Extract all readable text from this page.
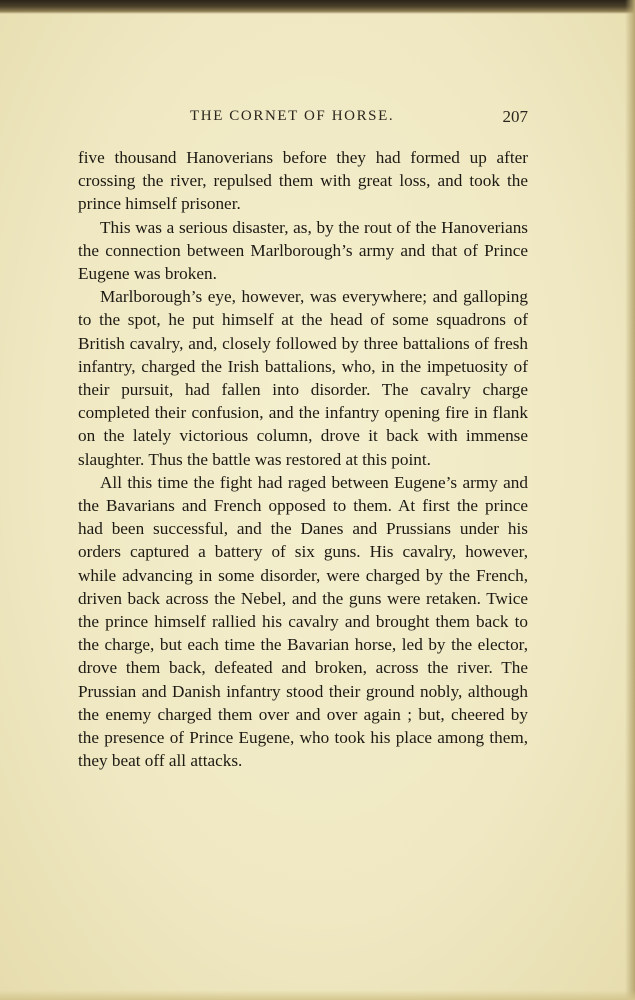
THE CORNET OF HORSE.	207

five thousand Hanoverians before they had formed up after crossing the river, repulsed them with great loss, and took the prince himself prisoner.

This was a serious disaster, as, by the rout of the Hanoverians the connection between Marlborough’s army and that of Prince Eugene was broken.

Marlborough’s eye, however, was everywhere; and galloping to the spot, he put himself at the head of some squadrons of British cavalry, and, closely followed by three battalions of fresh infantry, charged the Irish battalions, who, in the impetuosity of their pursuit, had fallen into disorder. The cavalry charge completed their confusion, and the infantry opening fire in flank on the lately victorious column, drove it back with immense slaughter. Thus the battle was restored at this point.

All this time the fight had raged between Eugene’s army and the Bavarians and French opposed to them. At first the prince had been successful, and the Danes and Prussians under his orders captured a battery of six guns. His cavalry, however, while advancing in some disorder, were charged by the French, driven back across the Nebel, and the guns were retaken. Twice the prince himself rallied his cavalry and brought them back to the charge, but each time the Bavarian horse, led by the elector, drove them back, defeated and broken, across the river. The Prussian and Danish infantry stood their ground nobly, although the enemy charged them over and over again ; but, cheered by the presence of Prince Eugene, who took his place among them, they beat off all attacks.
